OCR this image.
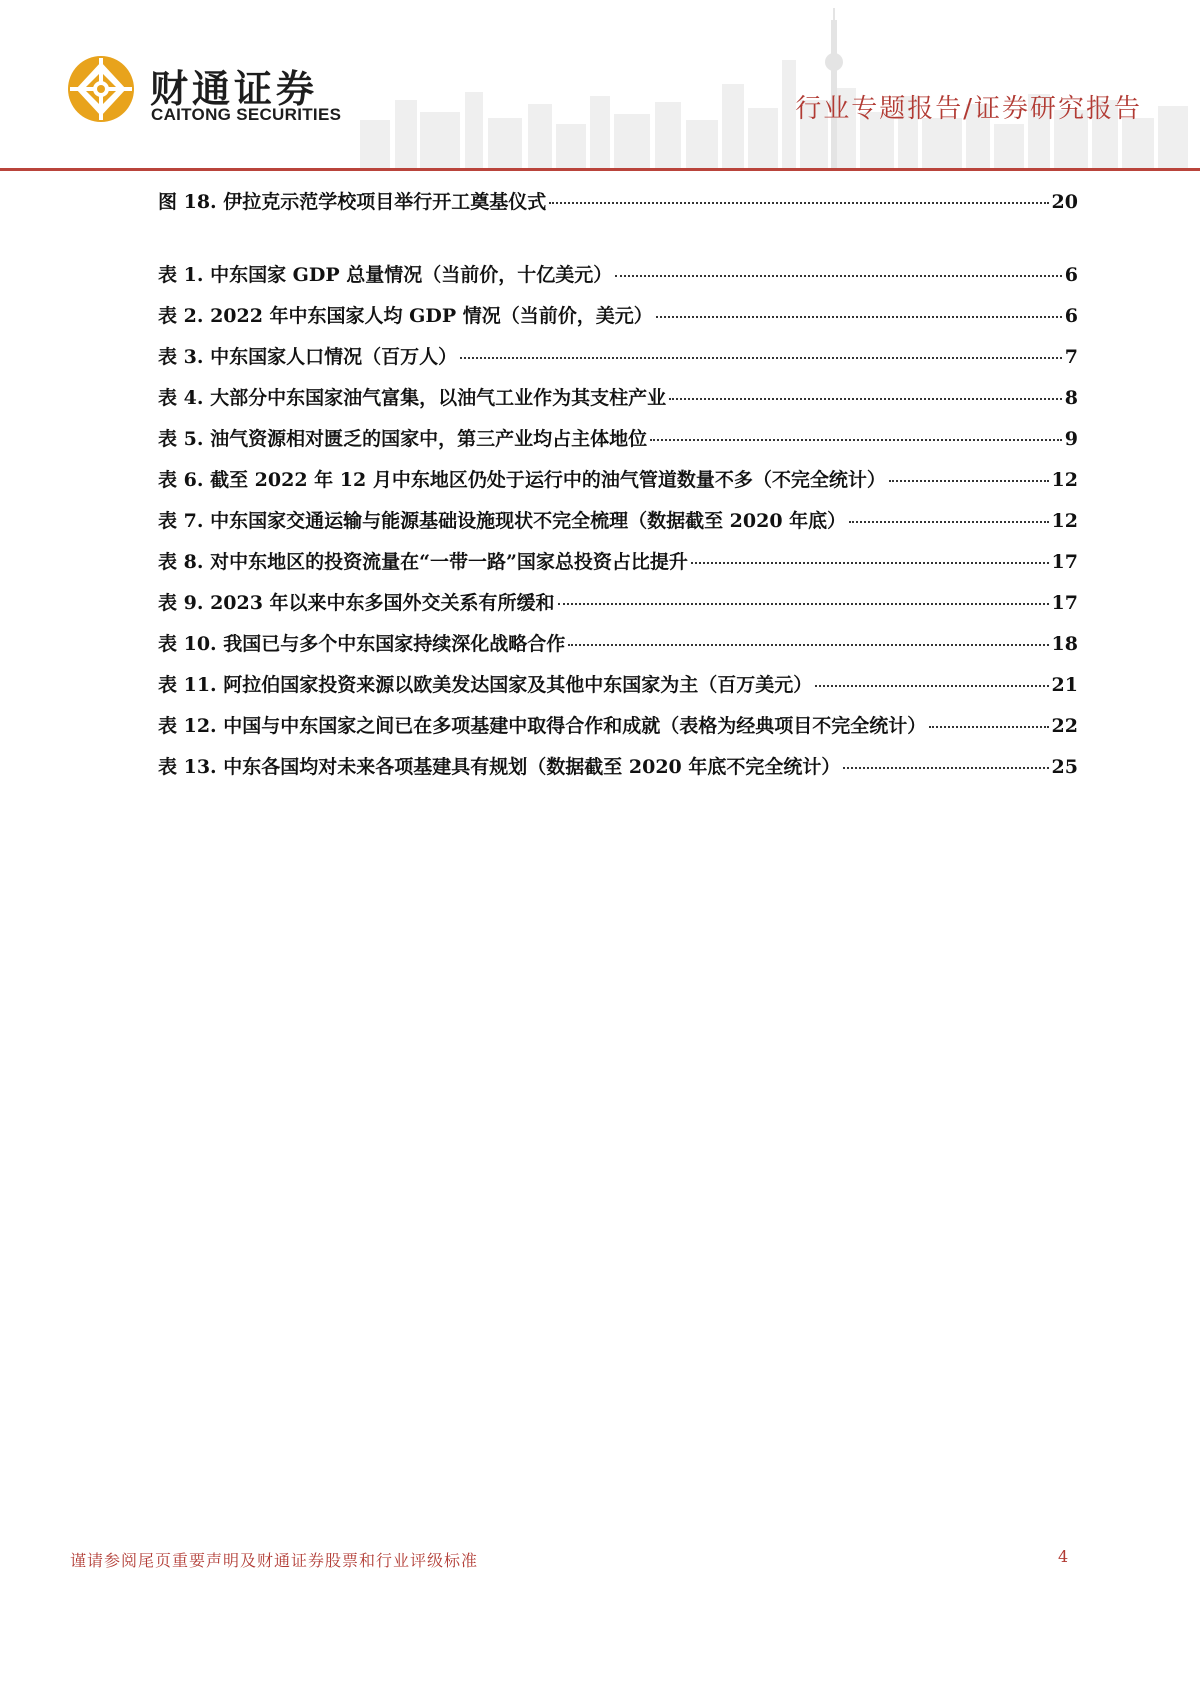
财通证券
CAITONG SECURITIES	行业专题报告/证券研究报告
图 18. 伊拉克示范学校项目举行开工奠基仪式	20
表 1. 中东国家 GDP 总量情况（当前价，十亿美元）	6
表 2. 2022 年中东国家人均 GDP 情况（当前价，美元）	6
表 3. 中东国家人口情况（百万人）	7
表 4. 大部分中东国家油气富集，以油气工业作为其支柱产业	8
表 5. 油气资源相对匮乏的国家中，第三产业均占主体地位	9
表 6. 截至 2022 年 12 月中东地区仍处于运行中的油气管道数量不多（不完全统计）	12
表 7. 中东国家交通运输与能源基础设施现状不完全梳理（数据截至 2020 年底）	12
表 8. 对中东地区的投资流量在“一带一路”国家总投资占比提升	17
表 9. 2023 年以来中东多国外交关系有所缓和	17
表 10. 我国已与多个中东国家持续深化战略合作	18
表 11. 阿拉伯国家投资来源以欧美发达国家及其他中东国家为主（百万美元）	21
表 12. 中国与中东国家之间已在多项基建中取得合作和成就（表格为经典项目不完全统计）	22
表 13. 中东各国均对未来各项基建具有规划（数据截至 2020 年底不完全统计）	25
谨请参阅尾页重要声明及财通证券股票和行业评级标准	4
